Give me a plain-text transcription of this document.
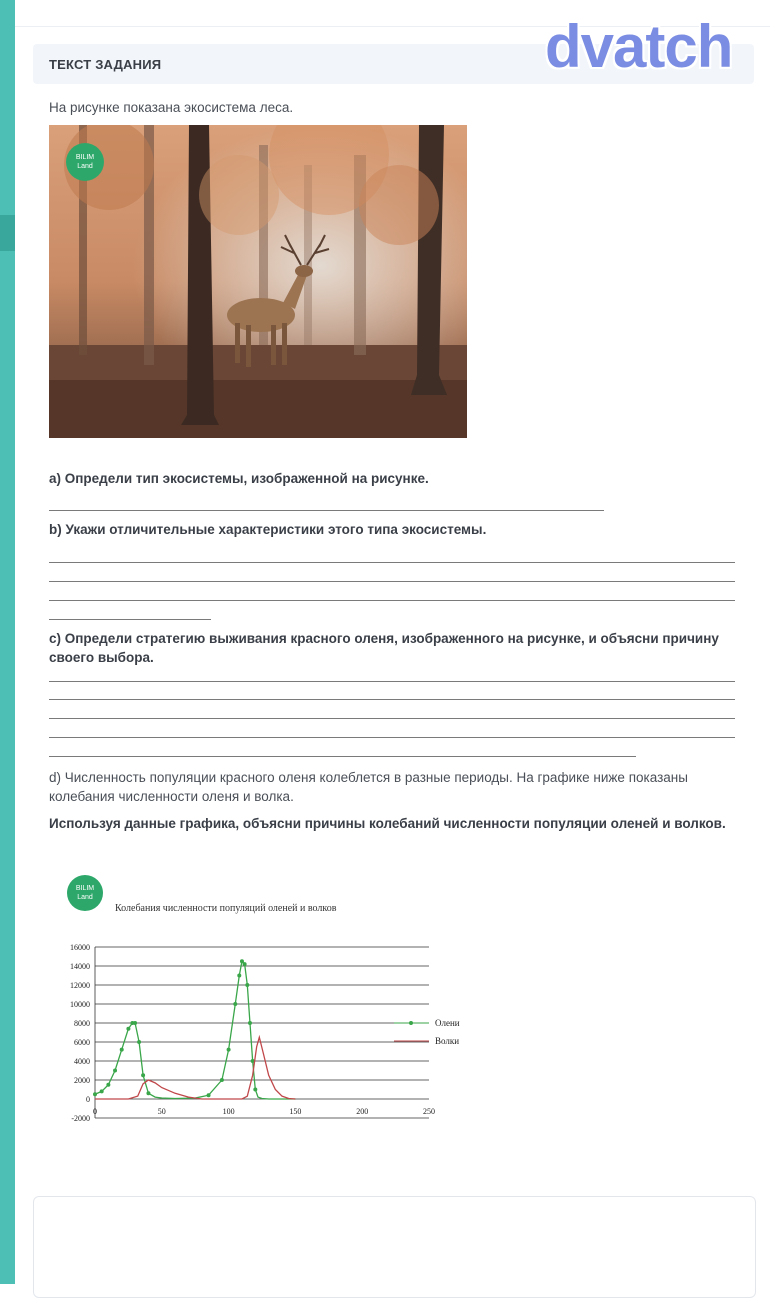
ТЕКСТ ЗАДАНИЯ	dvatch
На рисунке показана экосистема леса.
BILIM
Land
а) Определи тип экосистемы, изображенной на рисунке.
b) Укажи отличительные характеристики этого типа экосистемы.
c) Определи стратегию выживания красного оленя, изображенного на рисунке, и объясни причину своего выбора.
d) Численность популяции красного оленя колеблется в разные периоды. На графике ниже показаны колебания численности оленя и волка.
Используя данные графика, объясни причины колебаний численности популяции оленей и волков.
BILIM
Land
Колебания численности популяций оленей и волков
16000
14000
12000
10000
8000
6000
4000
2000
0
-2000
0	50	100	150	200	250
Олени
Волки
